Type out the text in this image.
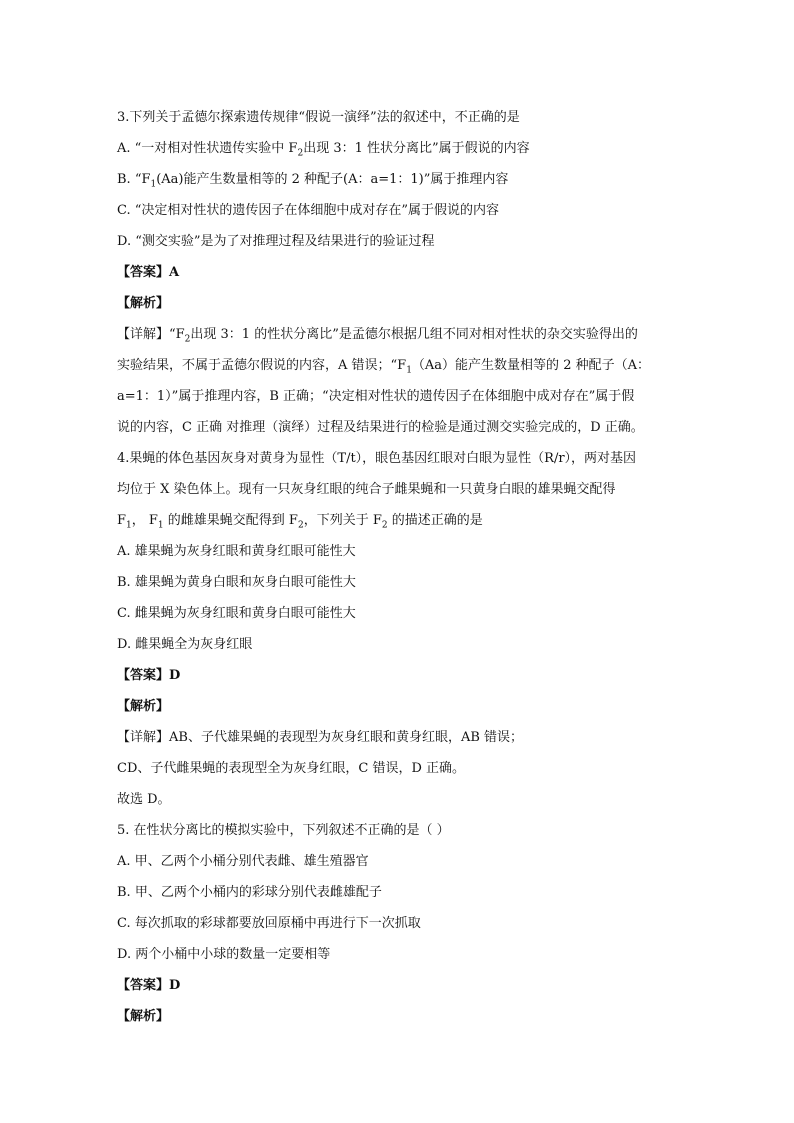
3.下列关于孟德尔探索遗传规律“假说一演绎”法的叙述中，不正确的是
A. “一对相对性状遗传实验中 $F_2$出现 3：1 性状分离比”属于假说的内容
B. “$F_1(Aa)$能产生数量相等的 2 种配子(A：a=1：1)”属于推理内容
C. “决定相对性状的遗传因子在体细胞中成对存在”属于假说的内容
D. “测交实验”是为了对推理过程及结果进行的验证过程
【答案】A
【解析】
【详解】“$F_2$出现 3：1 的性状分离比”是孟德尔根据几组不同对相对性状的杂交实验得出的
实验结果，不属于孟德尔假说的内容，A 错误；“$F_1(Aa)$能产生数量相等的 2 种配子（A：
a=1：1）”属于推理内容，B 正确；“决定相对性状的遗传因子在体细胞中成对存在”属于假
说的内容，C 正确 对推理（演绎）过程及结果进行的检验是通过测交实验完成的，D 正确。
4.果蝇的体色基因灰身对黄身为显性（T/t），眼色基因红眼对白眼为显性（R/r），两对基因
均位于 X 染色体上。现有一只灰身红眼的纯合子雌果蝇和一只黄身白眼的雄果蝇交配得
$F_1$， $F_1$ 的雌雄果蝇交配得到 $F_2$，下列关于 $F_2$ 的描述正确的是
A. 雄果蝇为灰身红眼和黄身红眼可能性大
B. 雄果蝇为黄身白眼和灰身白眼可能性大
C. 雌果蝇为灰身红眼和黄身白眼可能性大
D. 雌果蝇全为灰身红眼
【答案】D
【解析】
【详解】AB、子代雄果蝇的表现型为灰身红眼和黄身红眼，AB 错误；
CD、子代雌果蝇的表现型全为灰身红眼，C 错误，D 正确。
故选 D。
5. 在性状分离比的模拟实验中，下列叙述不正确的是（ ）
A. 甲、乙两个小桶分别代表雌、雄生殖器官
B. 甲、乙两个小桶内的彩球分别代表雌雄配子
C. 每次抓取的彩球都要放回原桶中再进行下一次抓取
D. 两个小桶中小球的数量一定要相等
【答案】D
【解析】
